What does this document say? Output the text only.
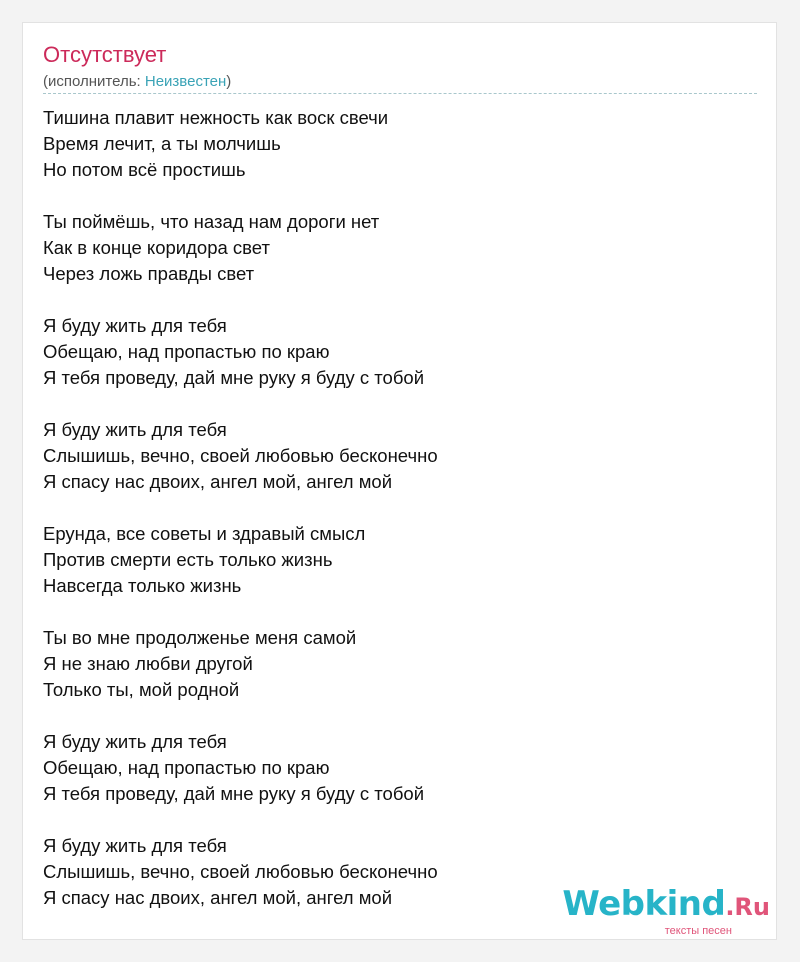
Отсутствует
(исполнитель: Неизвестен)
Тишина плавит нежность как воск свечи
Время лечит, а ты молчишь
Но потом всё простишь
Ты поймёшь, что назад нам дороги нет
Как в конце коридора свет
Через ложь правды свет
Я буду жить для тебя
Обещаю, над пропастью по краю
Я тебя проведу, дай мне руку я буду с тобой
Я буду жить для тебя
Слышишь, вечно, своей любовью бесконечно
Я спасу нас двоих, ангел мой, ангел мой
Ерунда, все советы и здравый смысл
Против смерти есть только жизнь
Навсегда только жизнь
Ты во мне продолженье меня самой
Я не знаю любви другой
Только ты, мой родной
Я буду жить для тебя
Обещаю, над пропастью по краю
Я тебя проведу, дай мне руку я буду с тобой
Я буду жить для тебя
Слышишь, вечно, своей любовью бесконечно
Я спасу нас двоих, ангел мой, ангел мой	Webkind.Ru
тексты песен
